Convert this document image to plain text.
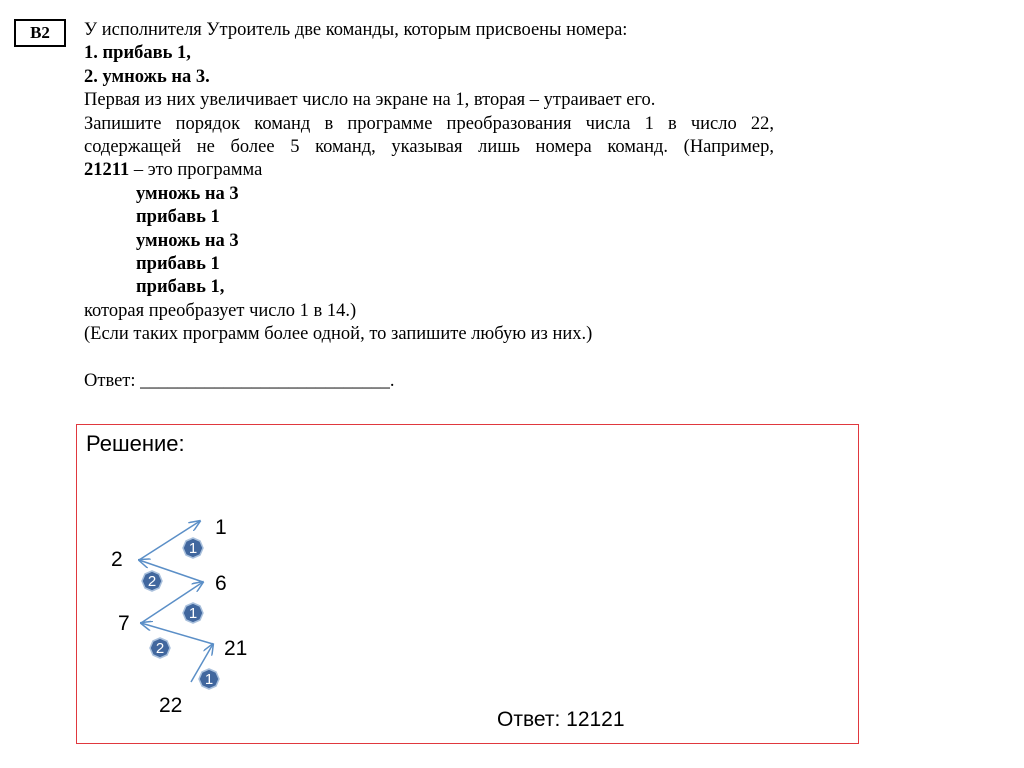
В2	У исполнителя Утроитель две команды, которым присвоены номера:
1. прибавь 1,
2. умножь на 3.
Первая из них увеличивает число на экране на 1, вторая – утраивает его.
Запишите порядок команд в программе преобразования числа 1 в число 22,
содержащей не более 5 команд, указывая лишь номера команд. (Например,
21211 – это программа
умножь на 3
прибавь 1
умножь на 3
прибавь 1
прибавь 1,
которая преобразует число 1 в 14.)
(Если таких программ более одной, то запишите любую из них.)
Ответ: ___________________________.
Решение:
1
2
6
7
21
22
1
2
1
2
1
Ответ: 12121
